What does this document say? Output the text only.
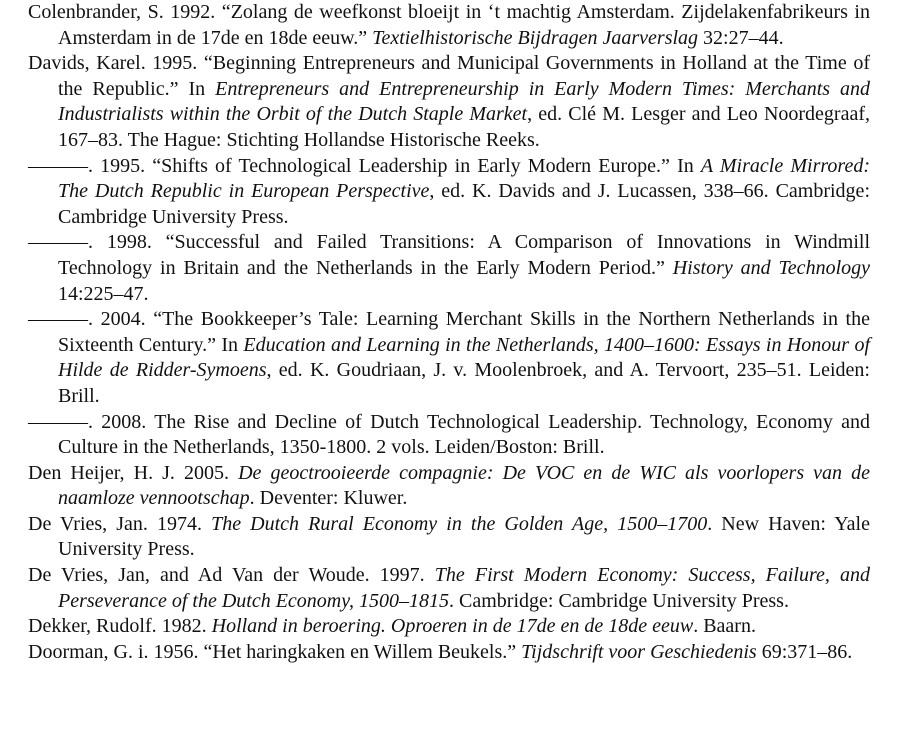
Colenbrander, S. 1992. “Zolang de weefkonst bloeijt in ‘t machtig Amsterdam. Zijdelakenfabrikeurs in Amsterdam in de 17de en 18de eeuw.” Textielhistorische Bijdragen Jaarverslag 32:27–44.

Davids, Karel. 1995. “Beginning Entrepreneurs and Municipal Governments in Holland at the Time of the Republic.” In Entrepreneurs and Entrepreneurship in Early Modern Times: Merchants and Industrialists within the Orbit of the Dutch Staple Market, ed. Clé M. Lesger and Leo Noordegraaf, 167–83. The Hague: Stichting Hollandse Historische Reeks.

———. 1995. “Shifts of Technological Leadership in Early Modern Europe.” In A Miracle Mirrored: The Dutch Republic in European Perspective, ed. K. Davids and J. Lucassen, 338–66. Cambridge: Cambridge University Press.

———. 1998. “Successful and Failed Transitions: A Comparison of Innovations in Windmill Technology in Britain and the Netherlands in the Early Modern Period.” History and Technology 14:225–47.

———. 2004. “The Bookkeeper’s Tale: Learning Merchant Skills in the Northern Netherlands in the Sixteenth Century.” In Education and Learning in the Netherlands, 1400–1600: Essays in Honour of Hilde de Ridder-Symoens, ed. K. Goudriaan, J. v. Moolenbroek, and A. Tervoort, 235–51. Leiden: Brill.

———. 2008. The Rise and Decline of Dutch Technological Leadership. Technology, Economy and Culture in the Netherlands, 1350-1800. 2 vols. Leiden/Boston: Brill.

Den Heijer, H. J. 2005. De geoctrooieerde compagnie: De VOC en de WIC als voorlopers van de naamloze vennootschap. Deventer: Kluwer.

De Vries, Jan. 1974. The Dutch Rural Economy in the Golden Age, 1500–1700. New Haven: Yale University Press.

De Vries, Jan, and Ad Van der Woude. 1997. The First Modern Economy: Success, Failure, and Perseverance of the Dutch Economy, 1500–1815. Cambridge: Cambridge University Press.

Dekker, Rudolf. 1982. Holland in beroering. Oproeren in de 17de en de 18de eeuw. Baarn.

Doorman, G. i. 1956. “Het haringkaken en Willem Beukels.” Tijdschrift voor Geschiedenis 69:371–86.
